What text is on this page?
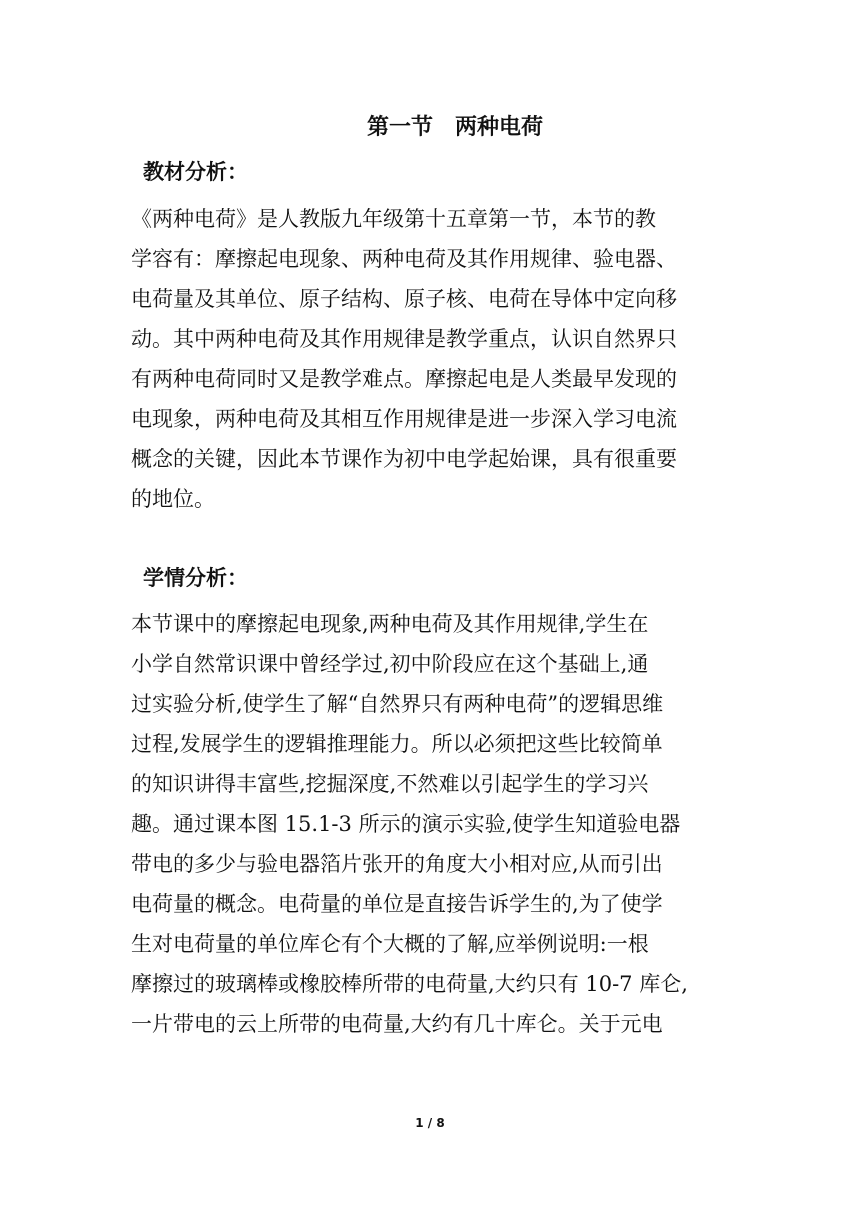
第一节　两种电荷
教材分析：
《两种电荷》是人教版九年级第十五章第一节，本节的教
学容有：摩擦起电现象、两种电荷及其作用规律、验电器、
电荷量及其单位、原子结构、原子核、电荷在导体中定向移
动。其中两种电荷及其作用规律是教学重点，认识自然界只
有两种电荷同时又是教学难点。摩擦起电是人类最早发现的
电现象，两种电荷及其相互作用规律是进一步深入学习电流
概念的关键，因此本节课作为初中电学起始课，具有很重要
的地位。
学情分析：
本节课中的摩擦起电现象,两种电荷及其作用规律,学生在
小学自然常识课中曾经学过,初中阶段应在这个基础上,通
过实验分析,使学生了解“自然界只有两种电荷”的逻辑思维
过程,发展学生的逻辑推理能力。所以必须把这些比较简单
的知识讲得丰富些,挖掘深度,不然难以引起学生的学习兴
趣。通过课本图 15.1-3 所示的演示实验,使学生知道验电器
带电的多少与验电器箔片张开的角度大小相对应,从而引出
电荷量的概念。电荷量的单位是直接告诉学生的,为了使学
生对电荷量的单位库仑有个大概的了解,应举例说明:一根
摩擦过的玻璃棒或橡胶棒所带的电荷量,大约只有 10-7 库仑,
一片带电的云上所带的电荷量,大约有几十库仑。关于元电
1 / 8
